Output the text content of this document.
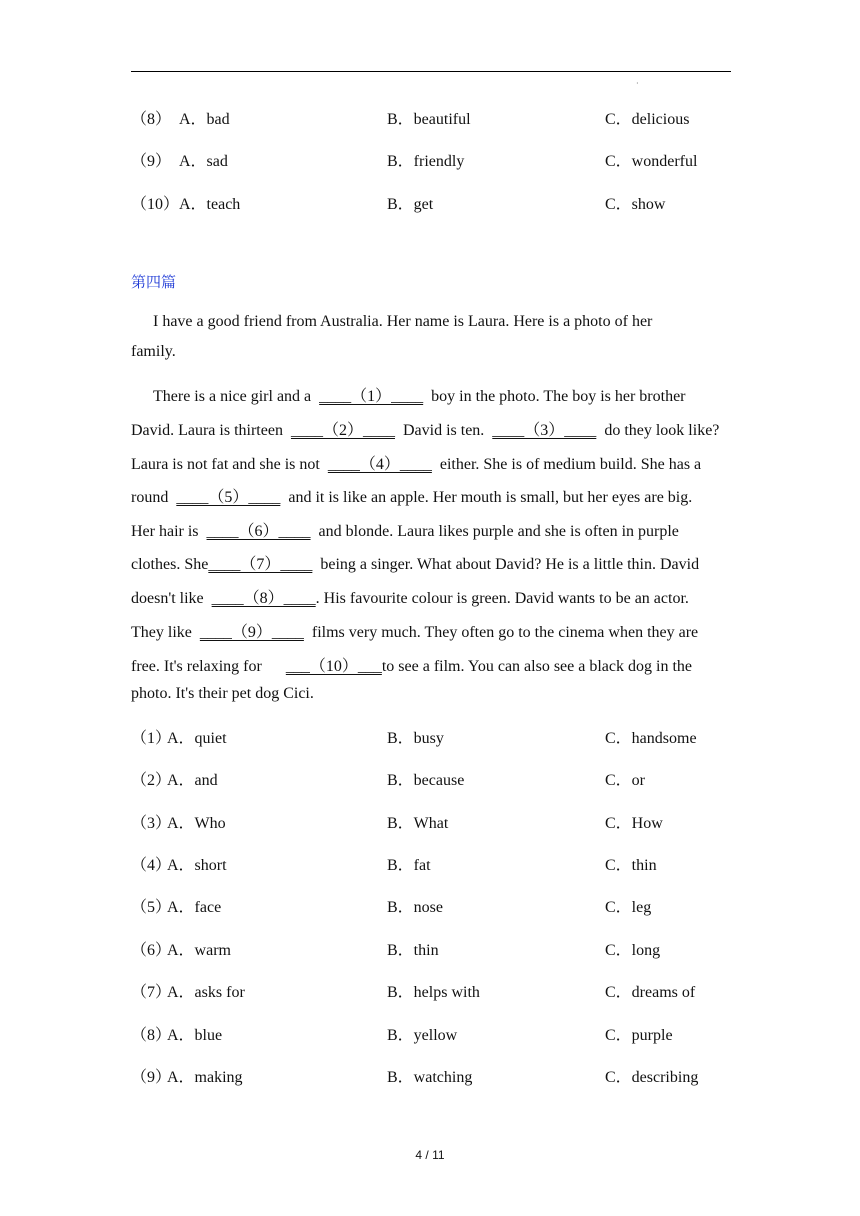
·
（8） A．bad	B．beautiful	C．delicious
（9） A．sad	B．friendly	C．wonderful
（10） A．teach	B．get	C．show
第四篇
I have a good friend from Australia. Her name is Laura. Here is a photo of her
family.
There is a nice girl and a  ____（1）____  boy in the photo. The boy is her brother
David. Laura is thirteen  ____（2）____  David is ten.  ____（3）____  do they look like?
Laura is not fat and she is not  ____（4）____  either. She is of medium build. She has a
round  ____（5）____  and it is like an apple. Her mouth is small, but her eyes are big.
Her hair is  ____（6）____  and blonde. Laura likes purple and she is often in purple
clothes. She____（7）____  being a singer. What about David? He is a little thin. David
doesn't like  ____（8）____. His favourite colour is green. David wants to be an actor.
They like  ____（9）____  films very much. They often go to the cinema when they are
free. It's relaxing for      ___（10）___to see a film. You can also see a black dog in the
photo. It's their pet dog Cici.
（1）
A．quiet	B．busy	C．handsome
（2）
A．and	B．because	C．or
（3）
A．Who	B．What	C．How
（4）
A．short	B．fat	C．thin
（5）
A．face	B．nose	C．leg
（6）
A．warm	B．thin	C．long
（7）
A．asks for	B．helps with	C．dreams of
（8）
A．blue	B．yellow	C．purple
（9）
A．making	B．watching	C．describing
4 / 11
